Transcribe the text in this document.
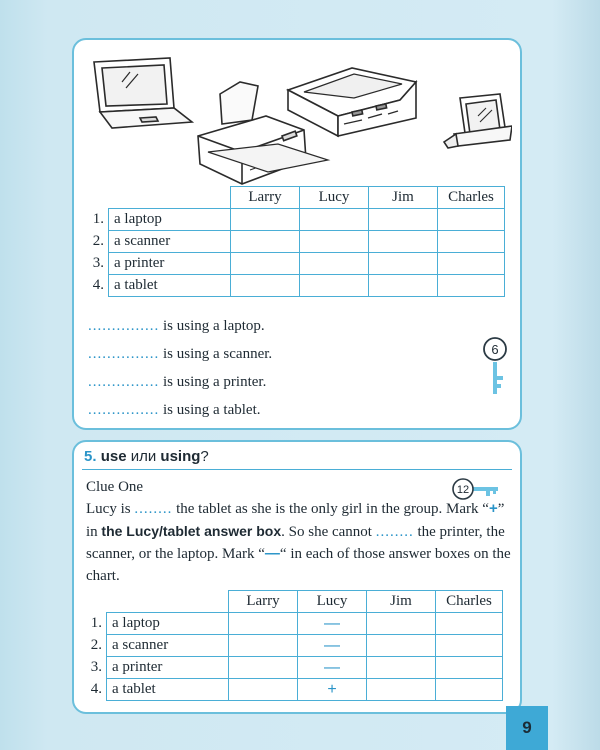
		Larry	Lucy	Jim	Charles
1.	a laptop				
2.	a scanner				
3.	a printer				
4.	a tablet				
............... is using a laptop.
............... is using a scanner.
............... is using a printer.
............... is using a tablet.
6
5. use или using?
Clue One
Lucy is ........ the tablet as she is the only girl in the group. Mark “+” in the Lucy/tablet answer box. So she cannot ........ the printer, the scanner, or the laptop. Mark “—“ in each of those answer boxes on the chart.
12
		Larry	Lucy	Jim	Charles
1.	a laptop		—		
2.	a scanner		—		
3.	a printer		—		
4.	a tablet		+		
9
